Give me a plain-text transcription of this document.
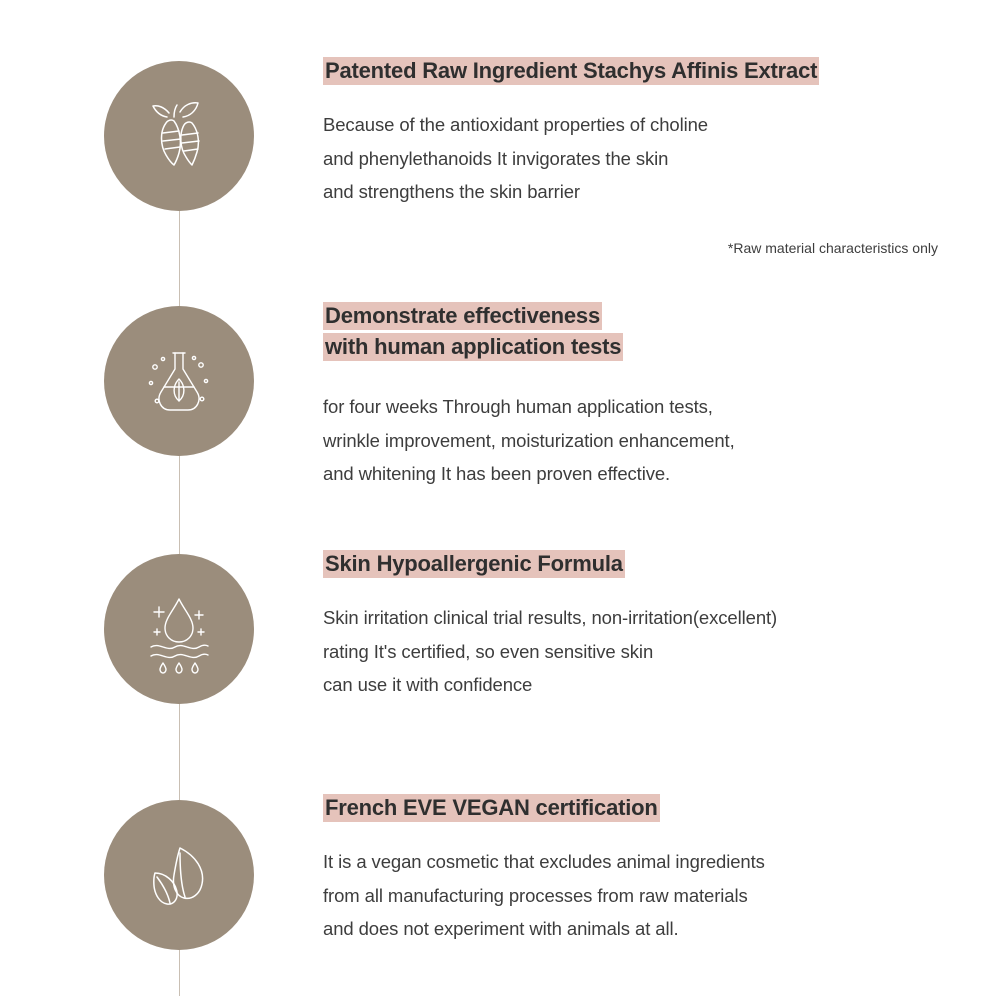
Patented Raw Ingredient Stachys Affinis Extract

Because of the antioxidant properties of choline
and phenylethanoids It invigorates the skin
and strengthens the skin barrier

*Raw material characteristics only

Demonstrate effectiveness
with human application tests

for four weeks Through human application tests,
wrinkle improvement, moisturization enhancement,
and whitening It has been proven effective.

Skin Hypoallergenic Formula

Skin irritation clinical trial results, non-irritation(excellent)
rating It's certified, so even sensitive skin
can use it with confidence

French EVE VEGAN certification

It is a vegan cosmetic that excludes animal ingredients
from all manufacturing processes from raw materials
and does not experiment with animals at all.
